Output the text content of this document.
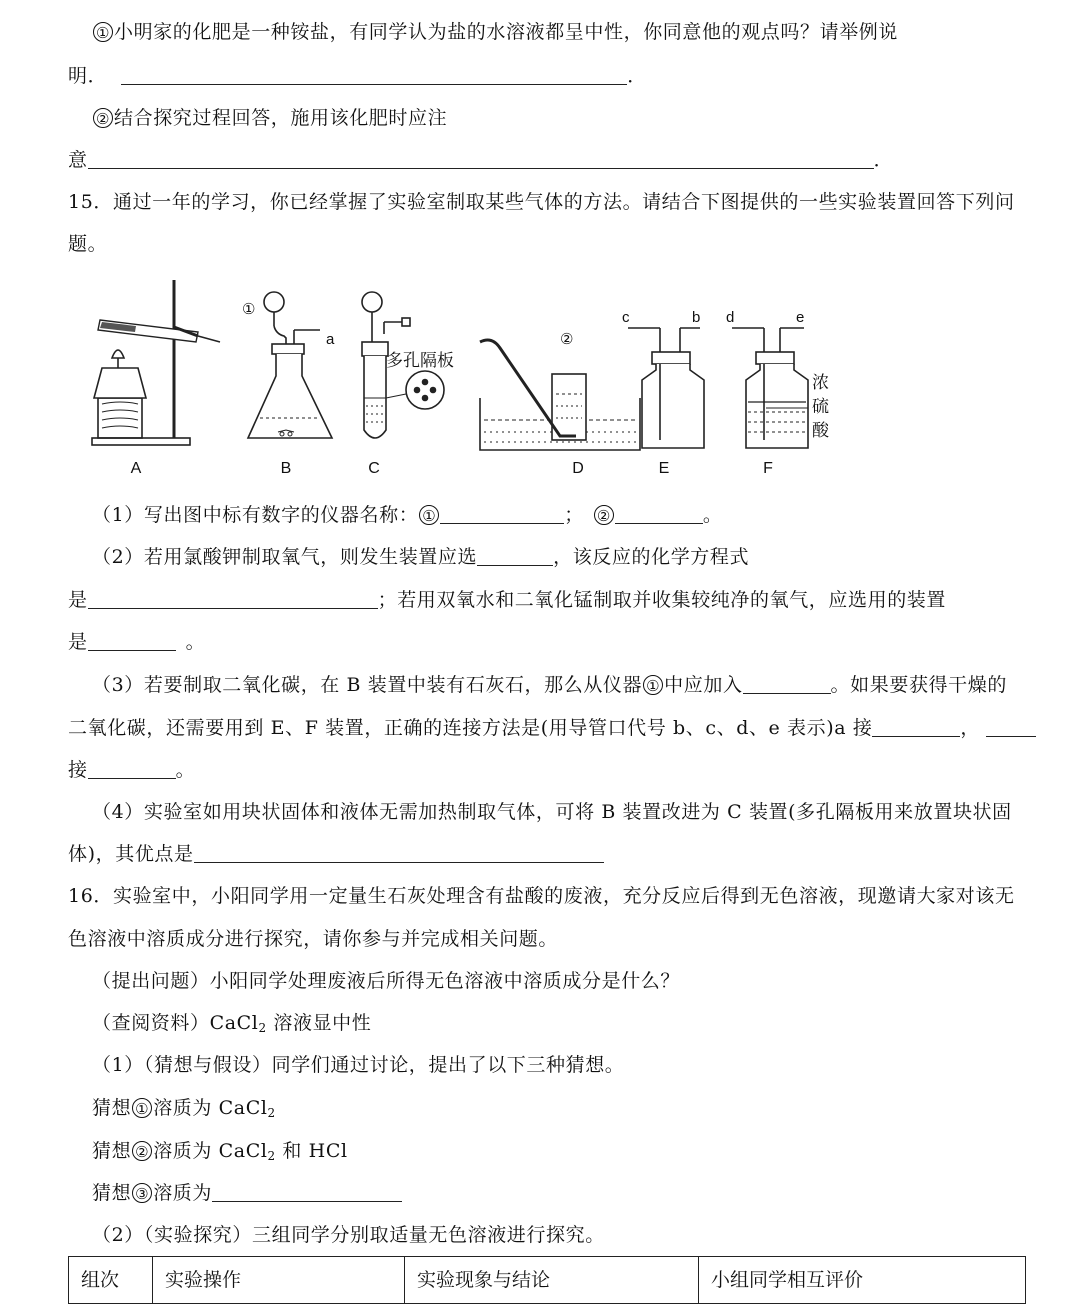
① 小明家的化肥是一种铵盐，有同学认为盐的水溶液都呈中性，你同意他的观点吗？请举例说
明．	．
② 结合探究过程回答，施用该化肥时应注
意	．
15．通过一年的学习，你已经掌握了实验室制取某些气体的方法。请结合下图提供的一些实验装置回答下列问
题。
A	B	C	D	E	F
①
②
a
b
c	d	e
多孔隔板
浓
硫
酸
（1）写出图中标有数字的仪器名称： ①	； ②	。
（2）若用氯酸钾制取氧气，则发生装置应选	，该反应的化学方程式
是	；若用双氧水和二氧化锰制取并收集较纯净的氧气，应选用的装置
是	。
（3）若要制取二氧化碳，在 B 装置中装有石灰石，那么从仪器 ① 中应加入	。如果要获得干燥的
二氧化碳，还需要用到 E、F 装置，正确的连接方法是(用导管口代号 b、c、d、e 表示)a 接	，
接	。
（4）实验室如用块状固体和液体无需加热制取气体，可将 B 装置改进为 C 装置(多孔隔板用来放置块状固
体)，其优点是
16．实验室中，小阳同学用一定量生石灰处理含有盐酸的废液，充分反应后得到无色溶液，现邀请大家对该无
色溶液中溶质成分进行探究，请你参与并完成相关问题。
（提出问题）小阳同学处理废液后所得无色溶液中溶质成分是什么？
（查阅资料）CaCl$_2$ 溶液显中性
（1）（猜想与假设）同学们通过讨论，提出了以下三种猜想。
猜想 ① 溶质为 CaCl$_2$
猜想 ② 溶质为 CaCl$_2$ 和 HCl
猜想 ③ 溶质为
（2）（实验探究）三组同学分别取适量无色溶液进行探究。
组次	实验操作	实验现象与结论	小组同学相互评价
